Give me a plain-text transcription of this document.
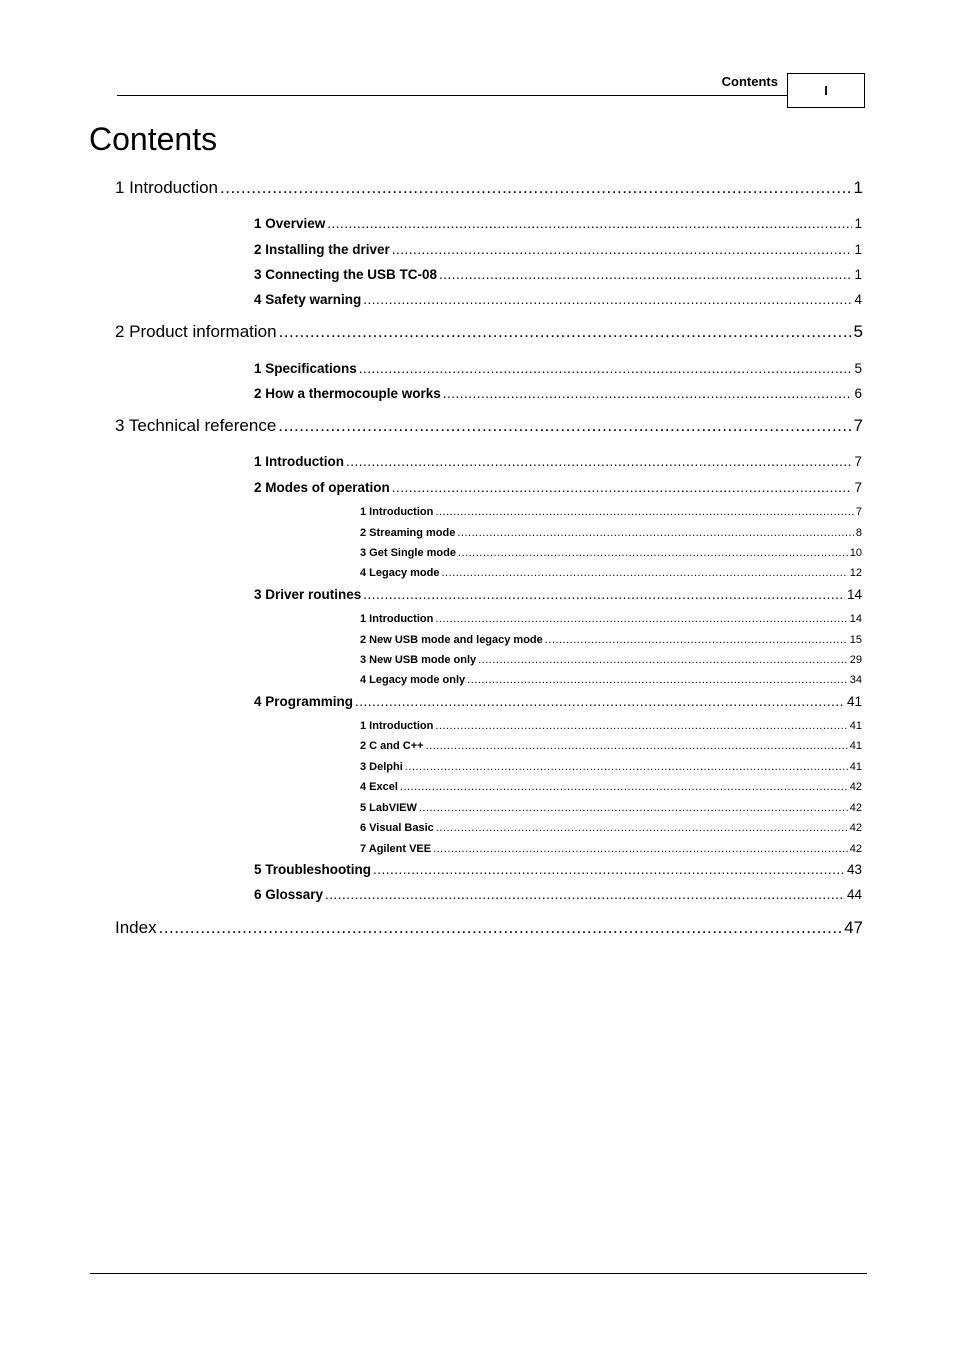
Contents
I
Contents
1 Introduction .....	1
1 Overview .....	1
2 Installing the driver .....	1
3 Connecting the USB TC-08 .....	1
4 Safety warning .....	4
2 Product information .....	5
1 Specifications .....	5
2 How a thermocouple works .....	6
3 Technical reference .....	7
1 Introduction .....	7
2 Modes of operation .....	7
1 Introduction .....	7
2 Streaming mode .....	8
3 Get Single mode .....	10
4 Legacy mode .....	12
3 Driver routines .....	14
1 Introduction .....	14
2 New USB mode and legacy mode .....	15
3 New USB mode only .....	29
4 Legacy mode only .....	34
4 Programming .....	41
1 Introduction .....	41
2 C and C++ .....	41
3 Delphi .....	41
4 Excel .....	42
5 LabVIEW .....	42
6 Visual Basic .....	42
7 Agilent VEE .....	42
5 Troubleshooting .....	43
6 Glossary .....	44
Index .....	47
